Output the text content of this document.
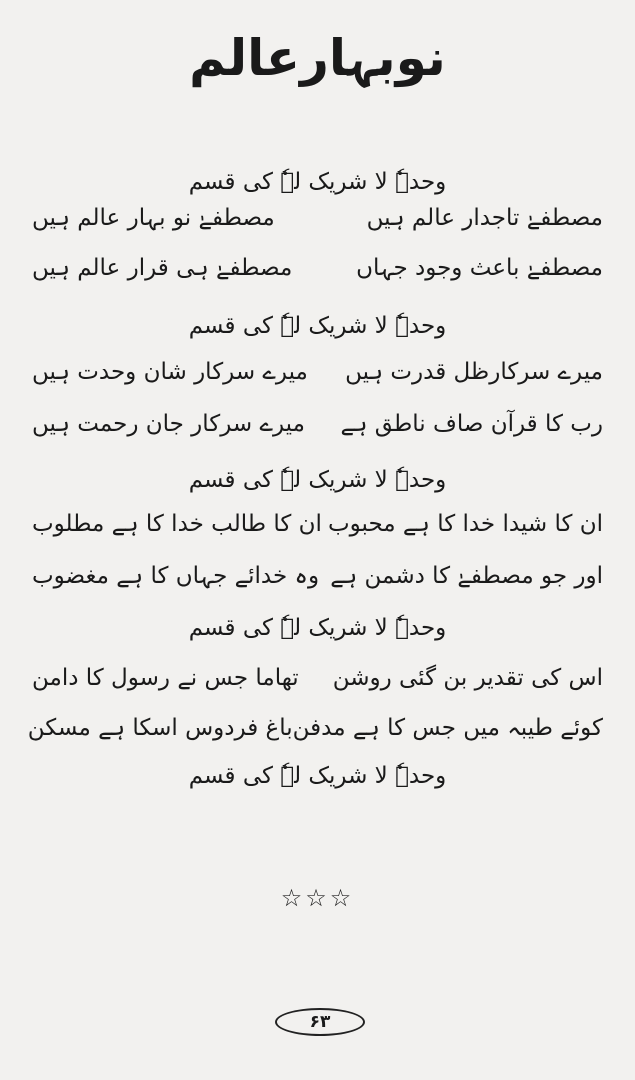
نوبہارعالم
وحدہٗ لا شریک لہٗ کی قسم
مصطفےٰ تاجدار عالم ہیں
مصطفےٰ نو بہار عالم ہیں
مصطفےٰ باعث وجود جہاں
مصطفےٰ ہی قرار عالم ہیں
وحدہٗ لا شریک لہٗ کی قسم
میرے سرکارظل قدرت ہیں
میرے سرکار شان وحدت ہیں
رب کا قرآن صاف ناطق ہے
میرے سرکار جان رحمت ہیں
وحدہٗ لا شریک لہٗ کی قسم
ان کا شیدا خدا کا ہے محبوب
ان کا طالب خدا کا ہے مطلوب
اور جو مصطفےٰ کا دشمن ہے
وہ خدائے جہاں کا ہے مغضوب
وحدہٗ لا شریک لہٗ کی قسم
اس کی تقدیر بن گئی روشن
تھاما جس نے رسول کا دامن
کوئے طیبہ میں جس کا ہے مدفن
باغ فردوس اسکا ہے مسکن
وحدہٗ لا شریک لہٗ کی قسم
☆☆☆
۶۳
